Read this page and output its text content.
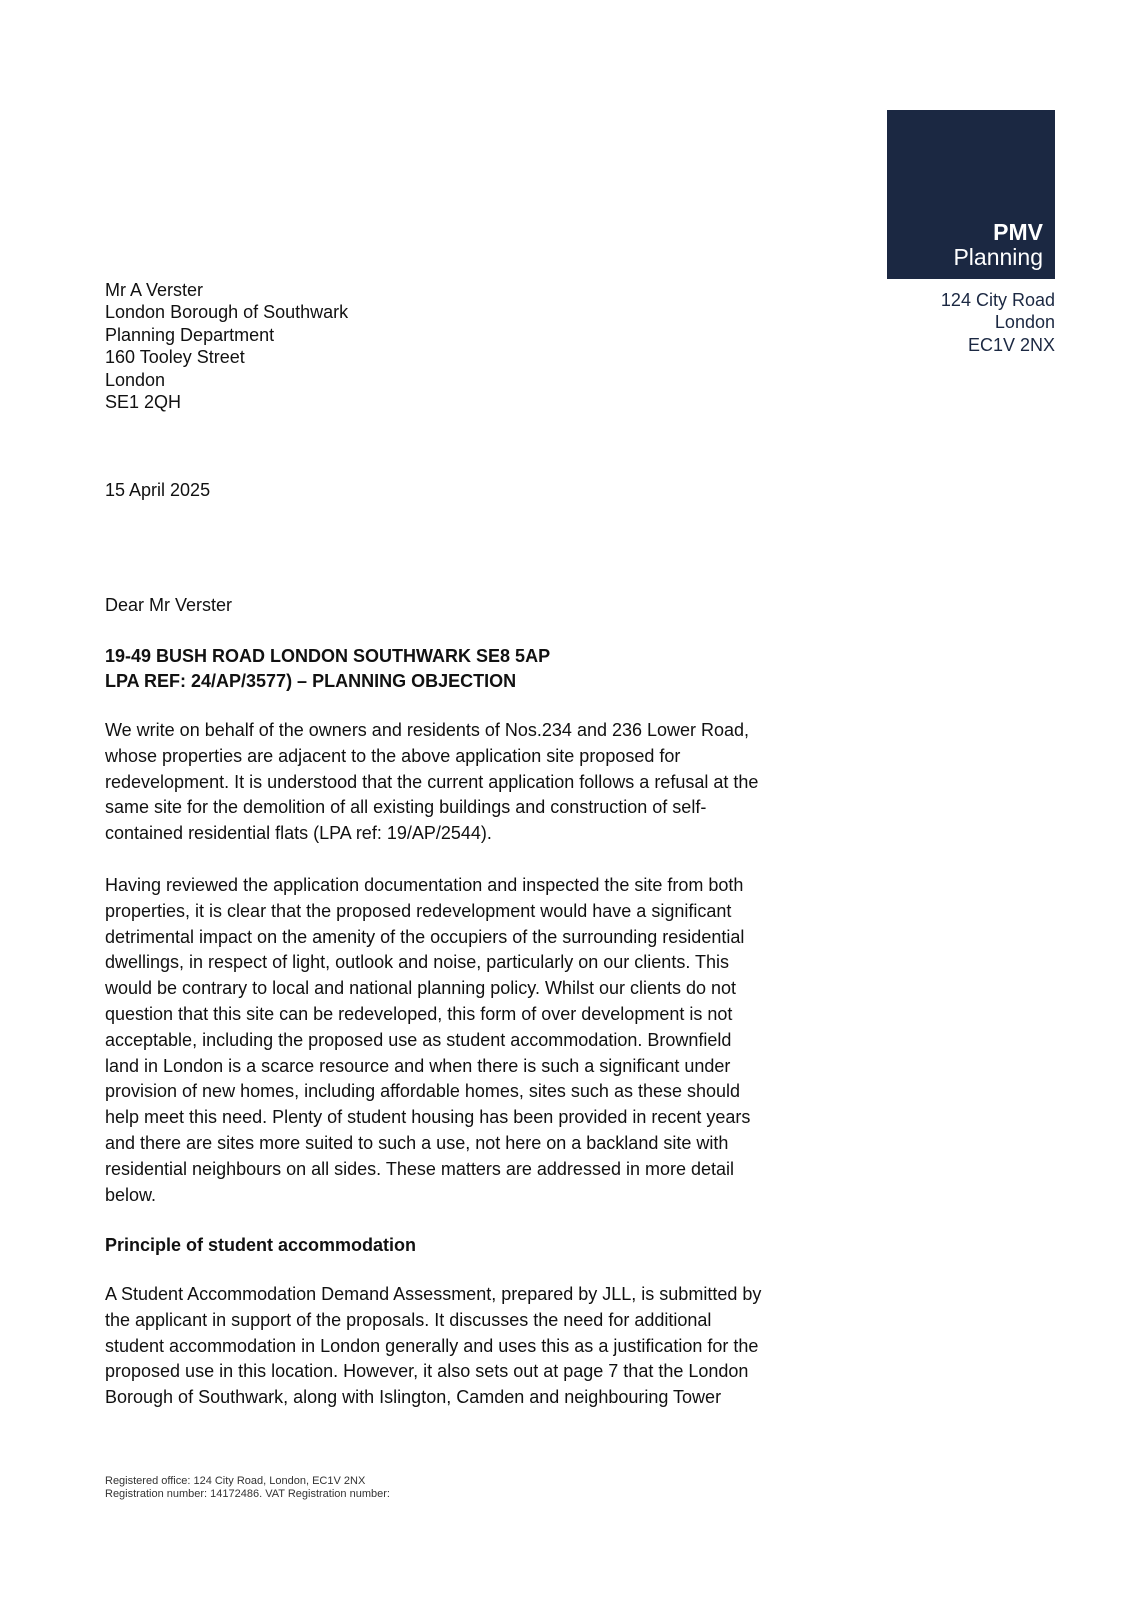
PMV
Planning
124 City Road
London
EC1V 2NX
Mr A Verster
London Borough of Southwark
Planning Department
160 Tooley Street
London
SE1 2QH
15 April 2025
Dear Mr Verster
19-49 BUSH ROAD LONDON SOUTHWARK SE8 5AP
LPA REF: 24/AP/3577) – PLANNING OBJECTION
We write on behalf of the owners and residents of Nos.234 and 236 Lower Road,
whose properties are adjacent to the above application site proposed for
redevelopment. It is understood that the current application follows a refusal at the
same site for the demolition of all existing buildings and construction of self-
contained residential flats (LPA ref: 19/AP/2544).
Having reviewed the application documentation and inspected the site from both
properties, it is clear that the proposed redevelopment would have a significant
detrimental impact on the amenity of the occupiers of the surrounding residential
dwellings, in respect of light, outlook and noise, particularly on our clients. This
would be contrary to local and national planning policy. Whilst our clients do not
question that this site can be redeveloped, this form of over development is not
acceptable, including the proposed use as student accommodation. Brownfield
land in London is a scarce resource and when there is such a significant under
provision of new homes, including affordable homes, sites such as these should
help meet this need. Plenty of student housing has been provided in recent years
and there are sites more suited to such a use, not here on a backland site with
residential neighbours on all sides. These matters are addressed in more detail
below.
Principle of student accommodation
A Student Accommodation Demand Assessment, prepared by JLL, is submitted by
the applicant in support of the proposals. It discusses the need for additional
student accommodation in London generally and uses this as a justification for the
proposed use in this location. However, it also sets out at page 7 that the London
Borough of Southwark, along with Islington, Camden and neighbouring Tower
Registered office: 124 City Road, London, EC1V 2NX
Registration number: 14172486. VAT Registration number:
